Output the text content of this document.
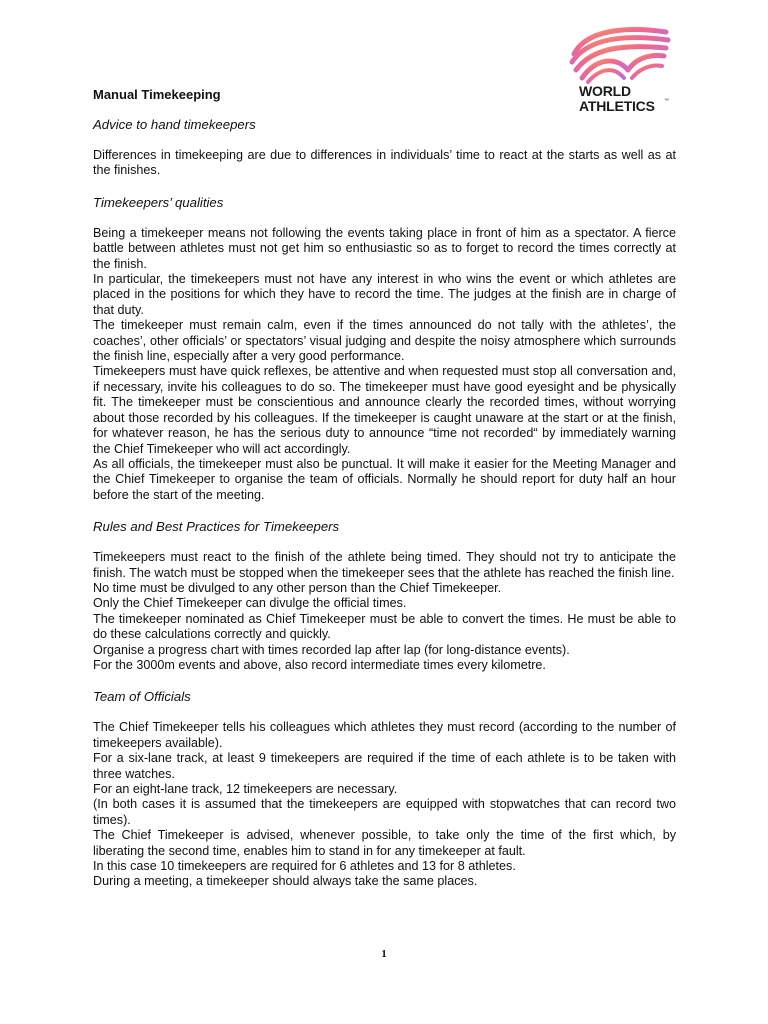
WORLD
ATHLETICS	™
Manual Timekeeping
Advice to hand timekeepers

Differences in timekeeping are due to differences in individuals’ time to react at the starts as well as at the finishes.

Timekeepers’ qualities

Being a timekeeper means not following the events taking place in front of him as a spectator. A fierce battle between athletes must not get him so enthusiastic so as to forget to record the times correctly at the finish.

In particular, the timekeepers must not have any interest in who wins the event or which athletes are placed in the positions for which they have to record the time. The judges at the finish are in charge of that duty.

The timekeeper must remain calm, even if the times announced do not tally with the athletes’, the coaches’, other officials’ or spectators’ visual judging and despite the noisy atmosphere which surrounds the finish line, especially after a very good performance.

Timekeepers must have quick reflexes, be attentive and when requested must stop all conversation and, if necessary, invite his colleagues to do so. The timekeeper must have good eyesight and be physically fit. The timekeeper must be conscientious and announce clearly the recorded times, without worrying about those recorded by his colleagues. If the timekeeper is caught unaware at the start or at the finish, for whatever reason, he has the serious duty to announce “time not recorded“ by immediately warning the Chief Timekeeper who will act accordingly.

As all officials, the timekeeper must also be punctual. It will make it easier for the Meeting Manager and the Chief Timekeeper to organise the team of officials. Normally he should report for duty half an hour before the start of the meeting.

Rules and Best Practices for Timekeepers

Timekeepers must react to the finish of the athlete being timed. They should not try to anticipate the finish. The watch must be stopped when the timekeeper sees that the athlete has reached the finish line.

No time must be divulged to any other person than the Chief Timekeeper.

Only the Chief Timekeeper can divulge the official times.

The timekeeper nominated as Chief Timekeeper must be able to convert the times. He must be able to do these calculations correctly and quickly.

Organise a progress chart with times recorded lap after lap (for long-distance events).

For the 3000m events and above, also record intermediate times every kilometre.

Team of Officials

The Chief Timekeeper tells his colleagues which athletes they must record (according to the number of timekeepers available).

For a six-lane track, at least 9 timekeepers are required if the time of each athlete is to be taken with three watches.

For an eight-lane track, 12 timekeepers are necessary.

(In both cases it is assumed that the timekeepers are equipped with stopwatches that can record two times).

The Chief Timekeeper is advised, whenever possible, to take only the time of the first which, by liberating the second time, enables him to stand in for any timekeeper at fault.

In this case 10 timekeepers are required for 6 athletes and 13 for 8 athletes.

During a meeting, a timekeeper should always take the same places.

1
